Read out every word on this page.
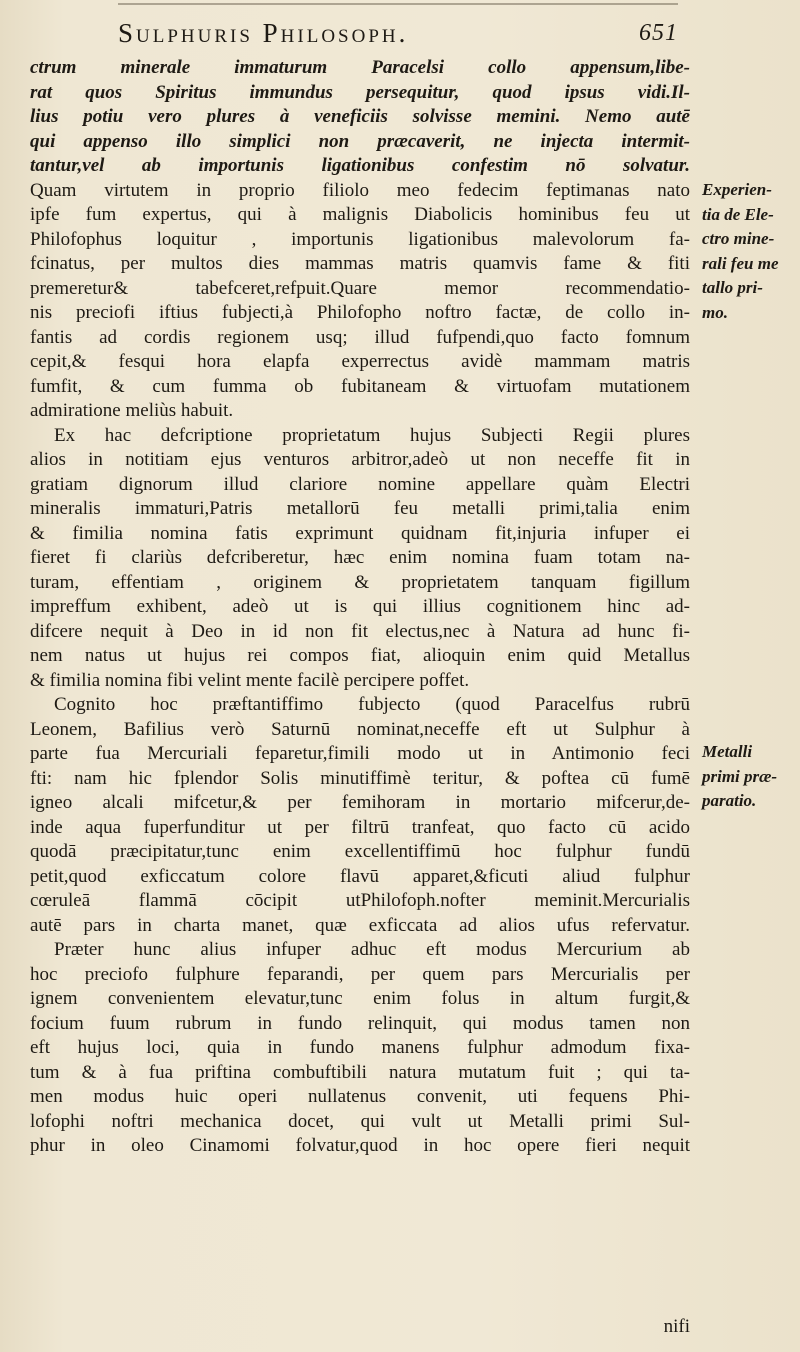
Sulphuris Philosoph.	651
ctrum minerale immaturum Paracelsi collo appensum,libe-
rat quos Spiritus immundus persequitur, quod ipsus vidi.Il-
lius potiu vero plures à veneficiis solvisse memini. Nemo autē
qui appenso illo simplici non præcaverit, ne injecta intermit-
tantur,vel ab importunis ligationibus confestim nō solvatur.
Quam virtutem in proprio filiolo meo fedecim feptimanas nato
ipfe fum expertus, qui à malignis Diabolicis hominibus feu ut
Philofophus loquitur , importunis ligationibus malevolorum fa-
fcinatus, per multos dies mammas matris quamvis fame & fiti
premeretur& tabefceret,refpuit.Quare memor recommendatio-
nis preciofi iftius fubjecti,à Philofopho noftro factæ, de collo in-
fantis ad cordis regionem usq; illud fufpendi,quo facto fomnum
cepit,& fesqui hora elapfa experrectus avidè mammam matris
fumfit, & cum fumma ob fubitaneam & virtuofam mutationem
admiratione meliùs habuit.
Ex hac defcriptione proprietatum hujus Subjecti Regii plures
alios in notitiam ejus venturos arbitror,adeò ut non neceffe fit in
gratiam dignorum illud clariore nomine appellare quàm Electri
mineralis immaturi,Patris metallorū feu metalli primi,talia enim
& fimilia nomina fatis exprimunt quidnam fit,injuria infuper ei
fieret fi clariùs defcriberetur, hæc enim nomina fuam totam na-
turam, effentiam , originem & proprietatem tanquam figillum
impreffum exhibent, adeò ut is qui illius cognitionem hinc ad-
difcere nequit à Deo in id non fit electus,nec à Natura ad hunc fi-
nem natus ut hujus rei compos fiat, alioquin enim quid Metallus
& fimilia nomina fibi velint mente facilè percipere poffet.
Cognito hoc præftantiffimo fubjecto (quod Paracelfus rubrū
Leonem, Bafilius verò Saturnū nominat,neceffe eft ut Sulphur à
parte fua Mercuriali feparetur,fimili modo ut in Antimonio feci
fti: nam hic fplendor Solis minutiffimè teritur, & poftea cū fumē
igneo alcali mifcetur,& per femihoram in mortario mifcerur,de-
inde aqua fuperfunditur ut per filtrū tranfeat, quo facto cū acido
quodā præcipitatur,tunc enim excellentiffimū hoc fulphur fundū
petit,quod exficcatum colore flavū apparet,&ficuti aliud fulphur
cœruleā flammā cōcipit utPhilofoph.nofter meminit.Mercurialis
autē pars in charta manet, quæ exficcata ad alios ufus refervatur.
Præter hunc alius infuper adhuc eft modus Mercurium ab
hoc preciofo fulphure feparandi, per quem pars Mercurialis per
ignem convenientem elevatur,tunc enim folus in altum furgit,&
focium fuum rubrum in fundo relinquit, qui modus tamen non
eft hujus loci, quia in fundo manens fulphur admodum fixa-
tum & à fua priftina combuftibili natura mutatum fuit ; qui ta-
men modus huic operi nullatenus convenit, uti fequens Phi-
lofophi noftri mechanica docet, qui vult ut Metalli primi Sul-
phur in oleo Cinamomi folvatur,quod in hoc opere fieri nequit
Experien-
tia de Ele-
ctro mine-
rali feu me
tallo pri-
mo.
Metalli
primi præ-
paratio.
nifi
